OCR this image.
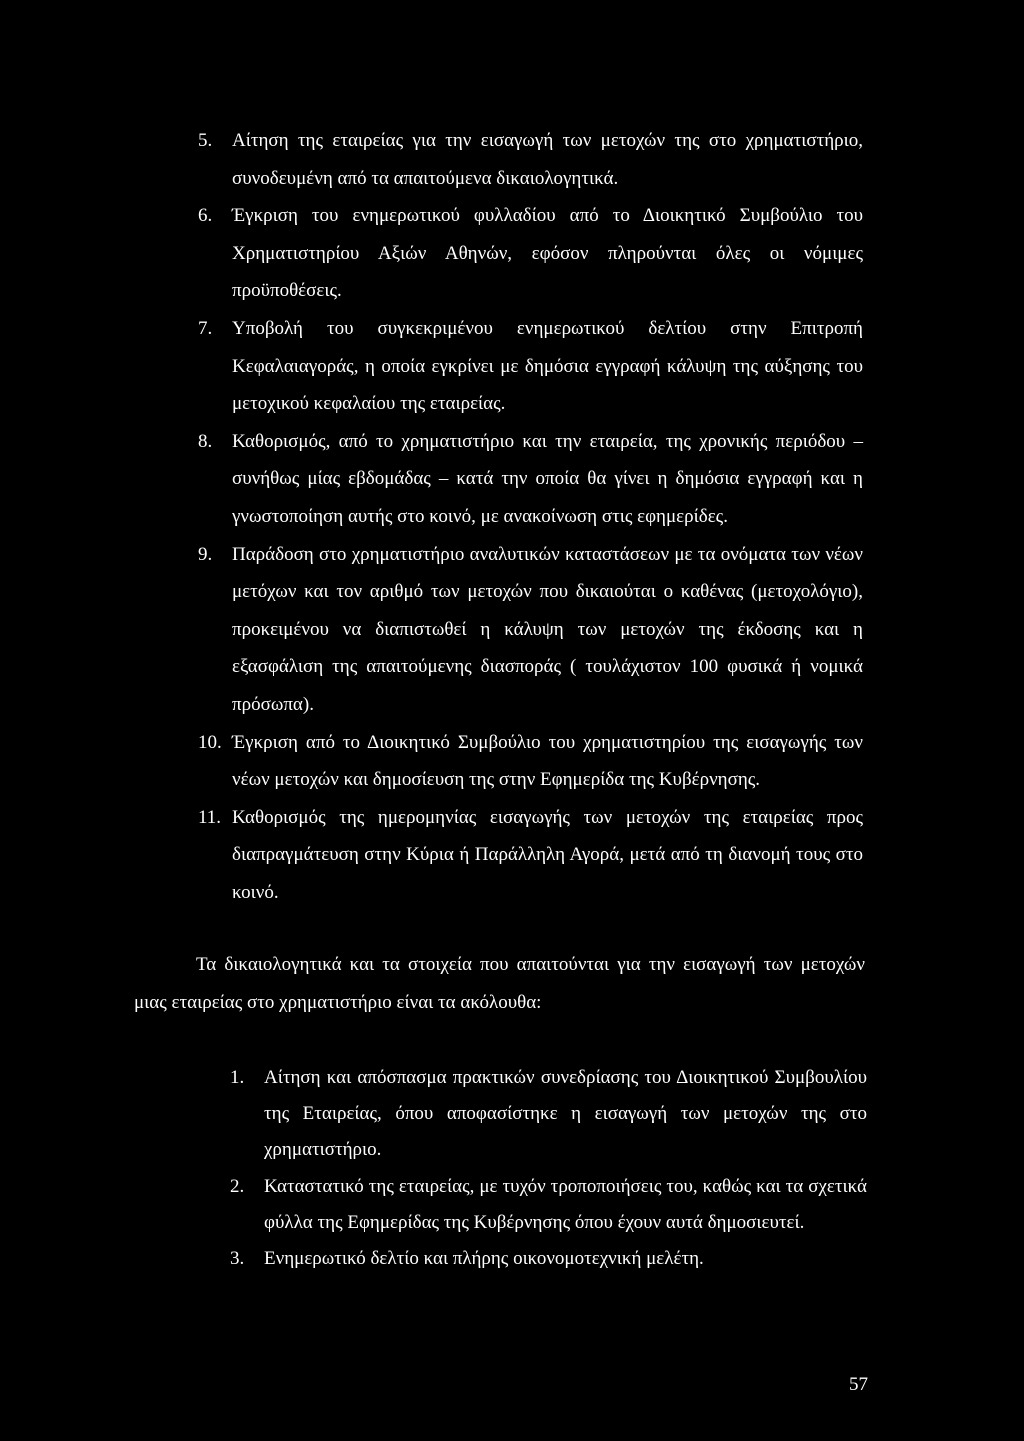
5.	Αίτηση της εταιρείας για την εισαγωγή των μετοχών της στο χρηματιστήριο, συνοδευμένη από τα απαιτούμενα δικαιολογητικά.
6.	Έγκριση του ενημερωτικού φυλλαδίου από το Διοικητικό Συμβούλιο του Χρηματιστηρίου Αξιών Αθηνών, εφόσον πληρούνται όλες οι νόμιμες προϋποθέσεις.
7.	Υποβολή του συγκεκριμένου ενημερωτικού δελτίου στην Επιτροπή Κεφαλαιαγοράς, η οποία εγκρίνει με δημόσια εγγραφή κάλυψη της αύξησης του μετοχικού κεφαλαίου της εταιρείας.
8.	Καθορισμός, από το χρηματιστήριο και την εταιρεία, της χρονικής περιόδου – συνήθως μίας εβδομάδας – κατά την οποία θα γίνει η δημόσια εγγραφή και η γνωστοποίηση αυτής στο κοινό, με ανακοίνωση στις εφημερίδες.
9.	Παράδοση στο χρηματιστήριο αναλυτικών καταστάσεων με τα ονόματα των νέων μετόχων και τον αριθμό των μετοχών που δικαιούται ο καθένας (μετοχολόγιο), προκειμένου να διαπιστωθεί η κάλυψη των μετοχών της έκδοσης και η εξασφάλιση της απαιτούμενης διασποράς ( τουλάχιστον 100 φυσικά ή νομικά πρόσωπα).
10. Έγκριση από το Διοικητικό Συμβούλιο του χρηματιστηρίου της εισαγωγής των νέων μετοχών και δημοσίευση της στην Εφημερίδα της Κυβέρνησης.
11. Καθορισμός της ημερομηνίας εισαγωγής των μετοχών της εταιρείας προς διαπραγμάτευση στην Κύρια ή Παράλληλη Αγορά, μετά από τη διανομή τους στο κοινό.

Τα δικαιολογητικά και τα στοιχεία που απαιτούνται για την εισαγωγή των μετοχών μιας εταιρείας στο χρηματιστήριο είναι τα ακόλουθα:

1.	Αίτηση και απόσπασμα πρακτικών συνεδρίασης του Διοικητικού Συμβουλίου της Εταιρείας, όπου αποφασίστηκε η εισαγωγή των μετοχών της στο χρηματιστήριο.
2.	Καταστατικό της εταιρείας, με τυχόν τροποποιήσεις του, καθώς και τα σχετικά φύλλα της Εφημερίδας της Κυβέρνησης όπου έχουν αυτά δημοσιευτεί.
3.	Ενημερωτικό δελτίο και πλήρης οικονομοτεχνική μελέτη.
57
